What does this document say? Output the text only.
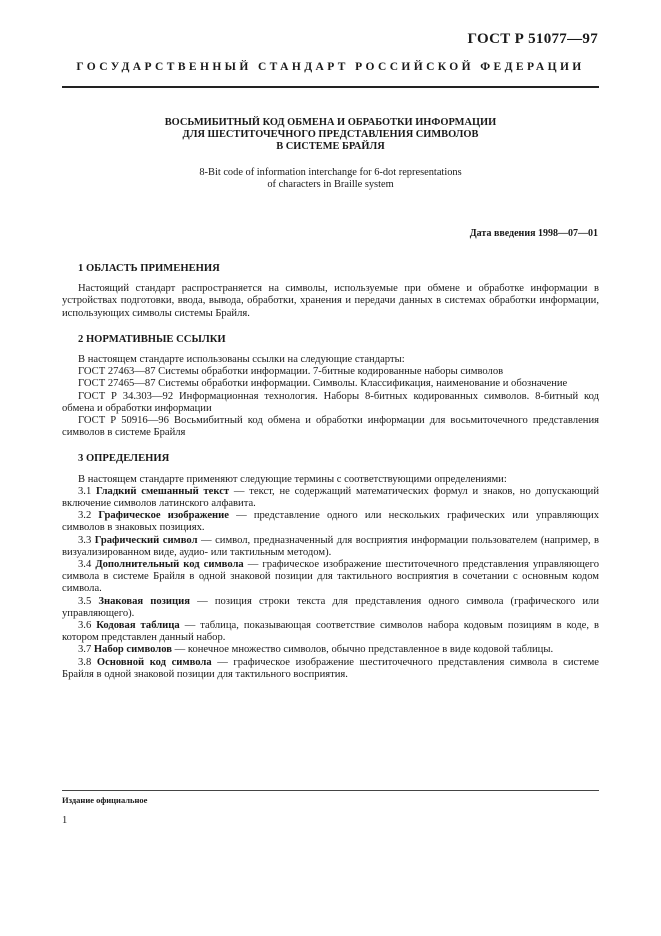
ГОСТ Р 51077—97
ГОСУДАРСТВЕННЫЙ СТАНДАРТ РОССИЙСКОЙ ФЕДЕРАЦИИ
ВОСЬМИБИТНЫЙ КОД ОБМЕНА И ОБРАБОТКИ ИНФОРМАЦИИ
ДЛЯ ШЕСТИТОЧЕЧНОГО ПРЕДСТАВЛЕНИЯ СИМВОЛОВ
В СИСТЕМЕ БРАЙЛЯ
8-Bit code of information interchange for 6-dot representations
of characters in Braille system
Дата введения 1998—07—01
1 ОБЛАСТЬ ПРИМЕНЕНИЯ

Настоящий стандарт распространяется на символы, используемые при обмене и обработке информации в устройствах подготовки, ввода, вывода, обработки, хранения и передачи данных в системах обработки информации, использующих символы системы Брайля.

2 НОРМАТИВНЫЕ ССЫЛКИ

В настоящем стандарте использованы ссылки на следующие стандарты:

ГОСТ 27463—87 Системы обработки информации. 7-битные кодированные наборы символов

ГОСТ 27465—87 Системы обработки информации. Символы. Классификация, наименование и обозначение

ГОСТ Р 34.303—92 Информационная технология. Наборы 8-битных кодированных символов. 8-битный код обмена и обработки информации

ГОСТ Р 50916—96 Восьмибитный код обмена и обработки информации для восьмиточечного представления символов в системе Брайля

3 ОПРЕДЕЛЕНИЯ

В настоящем стандарте применяют следующие термины с соответствующими определениями:

3.1 Гладкий смешанный текст — текст, не содержащий математических формул и знаков, но допускающий включение символов латинского алфавита.

3.2 Графическое изображение — представление одного или нескольких графических или управляющих символов в знаковых позициях.

3.3 Графический символ — символ, предназначенный для восприятия информации пользователем (например, в визуализированном виде, аудио- или тактильным методом).

3.4 Дополнительный код символа — графическое изображение шеститочечного представления управляющего символа в системе Брайля в одной знаковой позиции для тактильного восприятия в сочетании с основным кодом символа.

3.5 Знаковая позиция — позиция строки текста для представления одного символа (графического или управляющего).

3.6 Кодовая таблица — таблица, показывающая соответствие символов набора кодовым позициям в коде, в котором представлен данный набор.

3.7 Набор символов — конечное множество символов, обычно представленное в виде кодовой таблицы.

3.8 Основной код символа — графическое изображение шеститочечного представления символа в системе Брайля в одной знаковой позиции для тактильного восприятия.

Издание официальное
1
